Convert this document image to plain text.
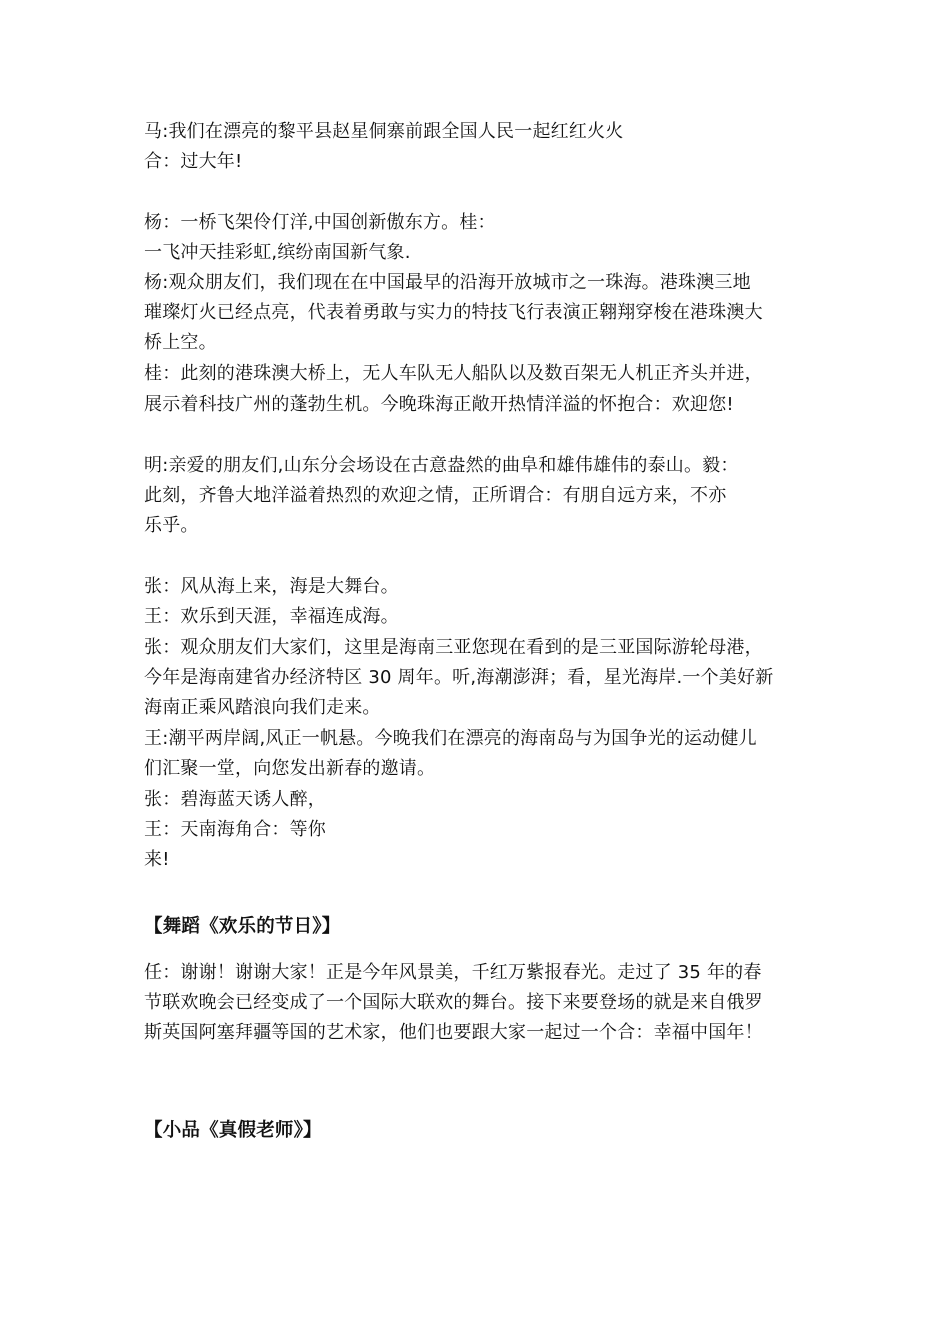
马:我们在漂亮的黎平县赵星侗寨前跟全国人民一起红红火火
合：过大年!
杨：一桥飞架伶仃洋,中国创新傲东方。桂：
一飞冲天挂彩虹,缤纷南国新气象.
杨:观众朋友们，我们现在在中国最早的沿海开放城市之一珠海。港珠澳三地
璀璨灯火已经点亮，代表着勇敢与实力的特技飞行表演正翱翔穿梭在港珠澳大
桥上空。
桂：此刻的港珠澳大桥上，无人车队无人船队以及数百架无人机正齐头并进，
展示着科技广州的蓬勃生机。今晚珠海正敞开热情洋溢的怀抱合：欢迎您!
明:亲爱的朋友们,山东分会场设在古意盎然的曲阜和雄伟雄伟的泰山。毅：
此刻，齐鲁大地洋溢着热烈的欢迎之情，正所谓合：有朋自远方来，不亦
乐乎。
张：风从海上来，海是大舞台。
王：欢乐到天涯，幸福连成海。
张：观众朋友们大家们，这里是海南三亚您现在看到的是三亚国际游轮母港，
今年是海南建省办经济特区 30 周年。听,海潮澎湃；看，星光海岸.一个美好新
海南正乘风踏浪向我们走来。
王:潮平两岸阔,风正一帆悬。今晚我们在漂亮的海南岛与为国争光的运动健儿
们汇聚一堂，向您发出新春的邀请。
张：碧海蓝天诱人醉，
王：天南海角合：等你
来!
【舞蹈《欢乐的节日》】
任：谢谢！谢谢大家！正是今年风景美，千红万紫报春光。走过了 35 年的春
节联欢晚会已经变成了一个国际大联欢的舞台。接下来要登场的就是来自俄罗
斯英国阿塞拜疆等国的艺术家，他们也要跟大家一起过一个合：幸福中国年！
【小品《真假老师》】
